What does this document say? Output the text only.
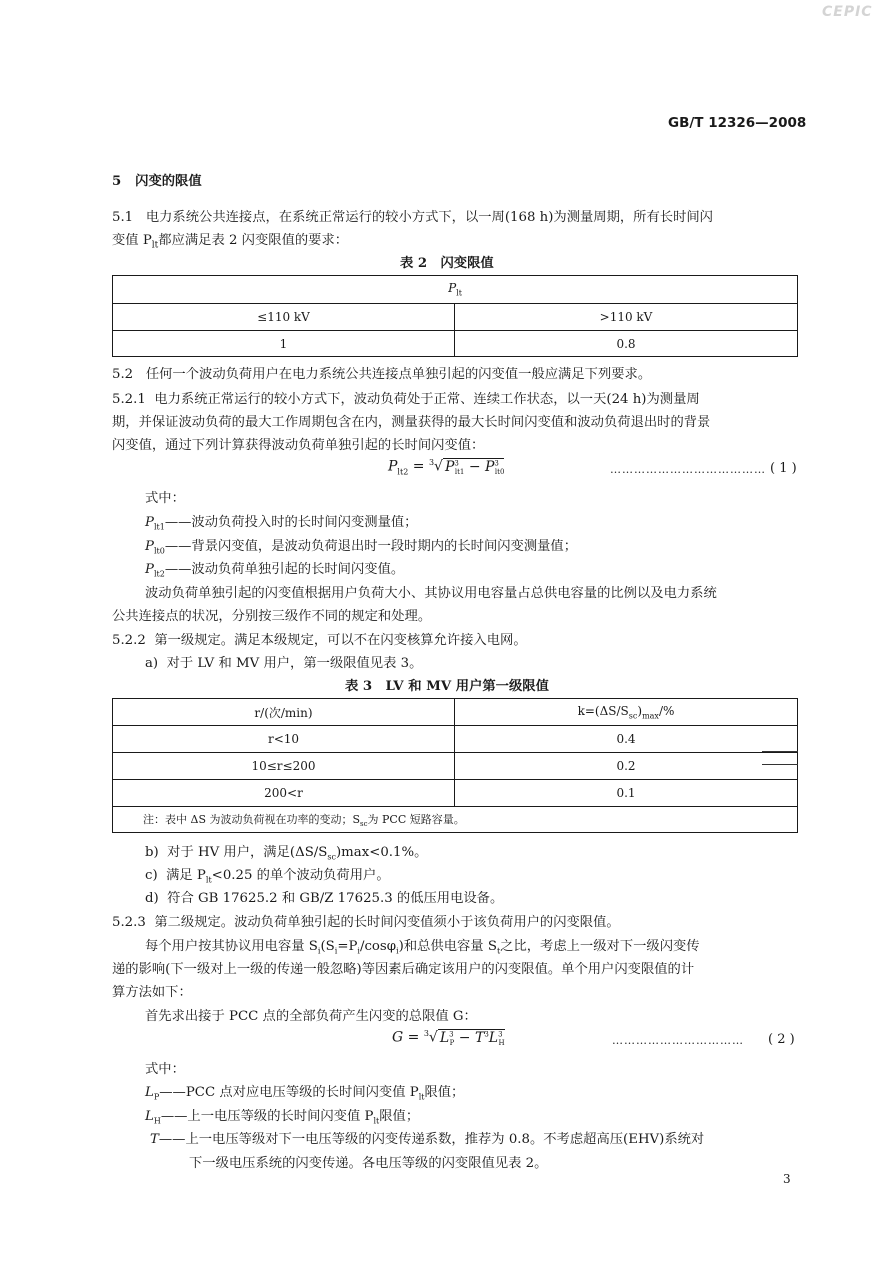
CEPIC
GB/T 12326—2008
5 闪变的限值
5.1 电力系统公共连接点，在系统正常运行的较小方式下，以一周(168 h)为测量周期，所有长时间闪
变值 $P_{lt}$都应满足表 2 闪变限值的要求：
表 2　闪变限值
$P_{lt}$
≤110 kV	>110 kV
1	0.8
5.2 任何一个波动负荷用户在电力系统公共连接点单独引起的闪变值一般应满足下列要求。
5.2.1 电力系统正常运行的较小方式下，波动负荷处于正常、连续工作状态，以一天(24 h)为测量周
期，并保证波动负荷的最大工作周期包含在内，测量获得的最大长时间闪变值和波动负荷退出时的背景
闪变值，通过下列计算获得波动负荷单独引起的长时间闪变值：
$P_{lt2} = ^3√$ $P^3_{lt1} - P^3_{lt0}$	………………………………… ( 1 )
式中：
$P_{lt1}——$波动负荷投入时的长时间闪变测量值；
$P_{lt0}——$背景闪变值，是波动负荷退出时一段时期内的长时间闪变测量值；
$P_{lt2}——$波动负荷单独引起的长时间闪变值。
波动负荷单独引起的闪变值根据用户负荷大小、其协议用电容量占总供电容量的比例以及电力系统
公共连接点的状况，分别按三级作不同的规定和处理。
5.2.2 第一级规定。满足本级规定，可以不在闪变核算允许接入电网。
a) 对于 LV 和 MV 用户，第一级限值见表 3。
表 3　LV 和 MV 用户第一级限值
r/(次/min)	$k=(\Delta S/S_{sc})_{max}/\%$
r<10	0.4
10≤r≤200	0.2
200<r	0.1
注：表中 ΔS 为波动负荷视在功率的变动；$S_{sc}$为 PCC 短路容量。	
b) 对于 HV 用户，满足$(\Delta S/S_{sc})\max<0.1\%$。
c) 满足 $P_{lt}<0.25$ 的单个波动负荷用户。
d) 符合 GB 17625.2 和 GB/Z 17625.3 的低压用电设备。
5.2.3 第二级规定。波动负荷单独引起的长时间闪变值须小于该负荷用户的闪变限值。
每个用户按其协议用电容量 $S_i(S_i=P_i/\cos\varphi_i)$和总供电容量 $S_t$之比，考虑上一级对下一级闪变传
递的影响(下一级对上一级的传递一般忽略)等因素后确定该用户的闪变限值。单个用户闪变限值的计
算方法如下：
首先求出接于 PCC 点的全部负荷产生闪变的总限值 G：
G = $^3$√ $L^3_P - T^3L^3_H$	…………………………… ( 2 )
式中：
$L_P——PCC$ 点对应电压等级的长时间闪变值 $P_{lt}$限值；
$L_H——$上一电压等级的长时间闪变值 $P_{lt}$限值；
T——上一电压等级对下一电压等级的闪变传递系数，推荐为 0.8。不考虑超高压(EHV)系统对
下一级电压系统的闪变传递。各电压等级的闪变限值见表 2。
3
